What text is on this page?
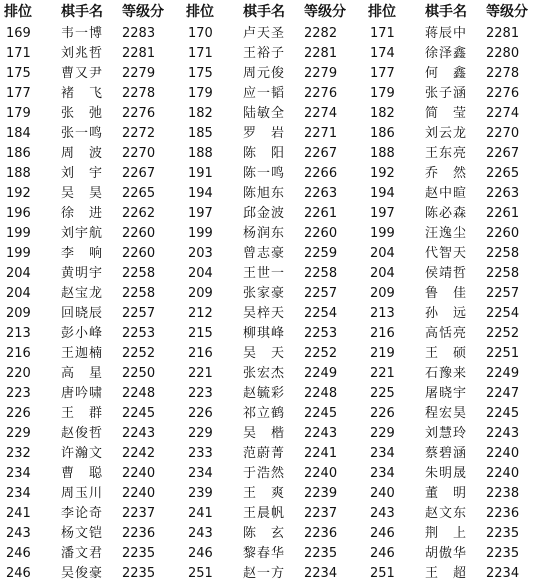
排位	棋手名	等级分
169	韦一博	2283
171	刘兆哲	2281
175	曹又尹	2279
177	褚　飞	2278
179	张　弛	2276
184	张一鸣	2272
186	周　波	2270
188	刘　宇	2267
192	吴　昊	2265
196	徐　进	2262
199	刘宇航	2260
199	李　响	2260
204	黄明宇	2258
204	赵宝龙	2258
209	回晓辰	2257
213	彭小峰	2253
216	王迦楠	2252
220	高　星	2250
223	唐吟啸	2248
226	王　群	2245
229	赵俊哲	2243
232	许瀚文	2242
234	曹　聪	2240
234	周玉川	2240
241	李论奇	2237
243	杨文铠	2236
246	潘文君	2235
246	吴俊豪	2235
排位	棋手名	等级分
170	卢天圣	2282
171	王裕子	2281
175	周元俊	2279
179	应一韬	2276
182	陆敏全	2274
185	罗　岩	2271
188	陈　阳	2267
191	陈一鸣	2266
194	陈旭东	2263
197	邱金波	2261
199	杨润东	2260
203	曾志豪	2259
204	王世一	2258
209	张家豪	2257
212	吴梓天	2254
215	柳琪峰	2253
216	吴　天	2252
221	张宏杰	2249
223	赵毓彩	2248
226	祁立鹤	2245
229	吴　楷	2243
233	范蔚菁	2241
234	于浩然	2240
239	王　爽	2239
241	王晨帆	2237
243	陈　玄	2236
246	黎春华	2235
251	赵一方	2234
排位	棋手名	等级分
171	蒋辰中	2281
174	徐泽鑫	2280
177	何　鑫	2278
179	张子涵	2276
182	简　莹	2274
186	刘云龙	2270
188	王东亮	2267
192	乔　然	2265
194	赵中暄	2263
197	陈必森	2261
199	汪逸尘	2260
204	代智天	2258
204	侯靖哲	2258
209	鲁　佳	2257
213	孙　远	2254
216	高恬亮	2252
219	王　硕	2251
221	石豫来	2249
225	屠晓宇	2247
226	程宏昊	2245
229	刘慧玲	2243
234	蔡碧涵	2240
234	朱明晟	2240
240	董　明	2238
243	赵文东	2236
246	荆　上	2235
246	胡傲华	2235
251	王　超	2234
